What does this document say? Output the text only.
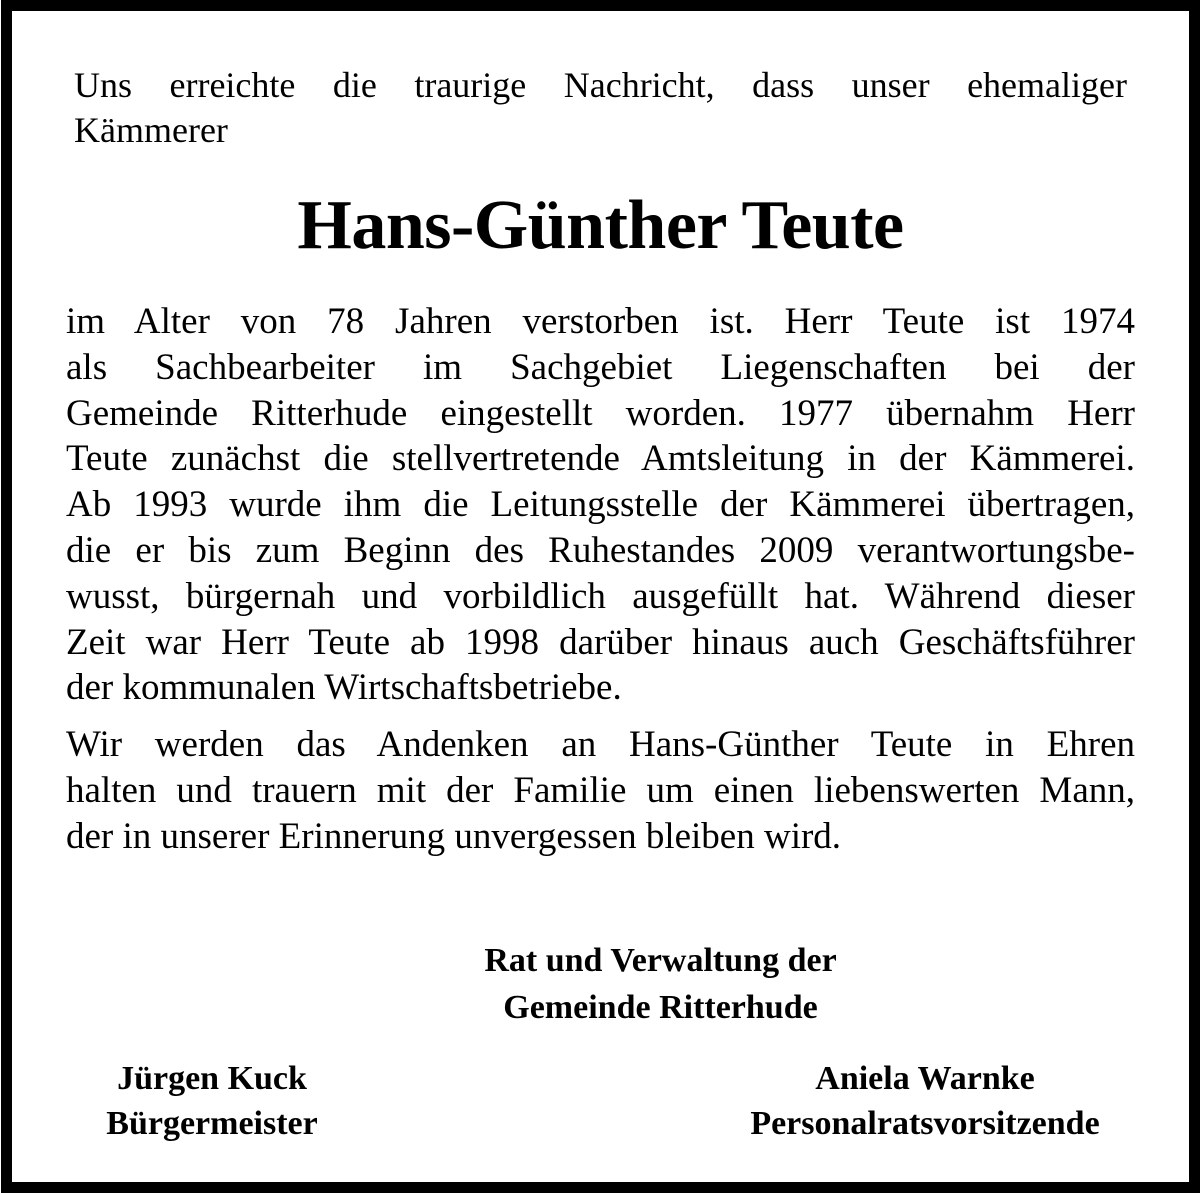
Uns erreichte die traurige Nachricht, dass unser ehemaliger
Kämmerer
Hans-Günther Teute

im Alter von 78 Jahren verstorben ist. Herr Teute ist 1974
als Sachbearbeiter im Sachgebiet Liegenschaften bei der
Gemeinde Ritterhude eingestellt worden. 1977 übernahm Herr
Teute zunächst die stellvertretende Amtsleitung in der Kämmerei.
Ab 1993 wurde ihm die Leitungsstelle der Kämmerei übertragen,
die er bis zum Beginn des Ruhestandes 2009 verantwortungsbe-
wusst, bürgernah und vorbildlich ausgefüllt hat. Während dieser
Zeit war Herr Teute ab 1998 darüber hinaus auch Geschäftsführer
der kommunalen Wirtschaftsbetriebe.

Wir werden das Andenken an Hans-Günther Teute in Ehren
halten und trauern mit der Familie um einen liebenswerten Mann,
der in unserer Erinnerung unvergessen bleiben wird.

Rat und Verwaltung der
Gemeinde Ritterhude
Jürgen Kuck
Bürgermeister
Aniela Warnke
Personalratsvorsitzende
